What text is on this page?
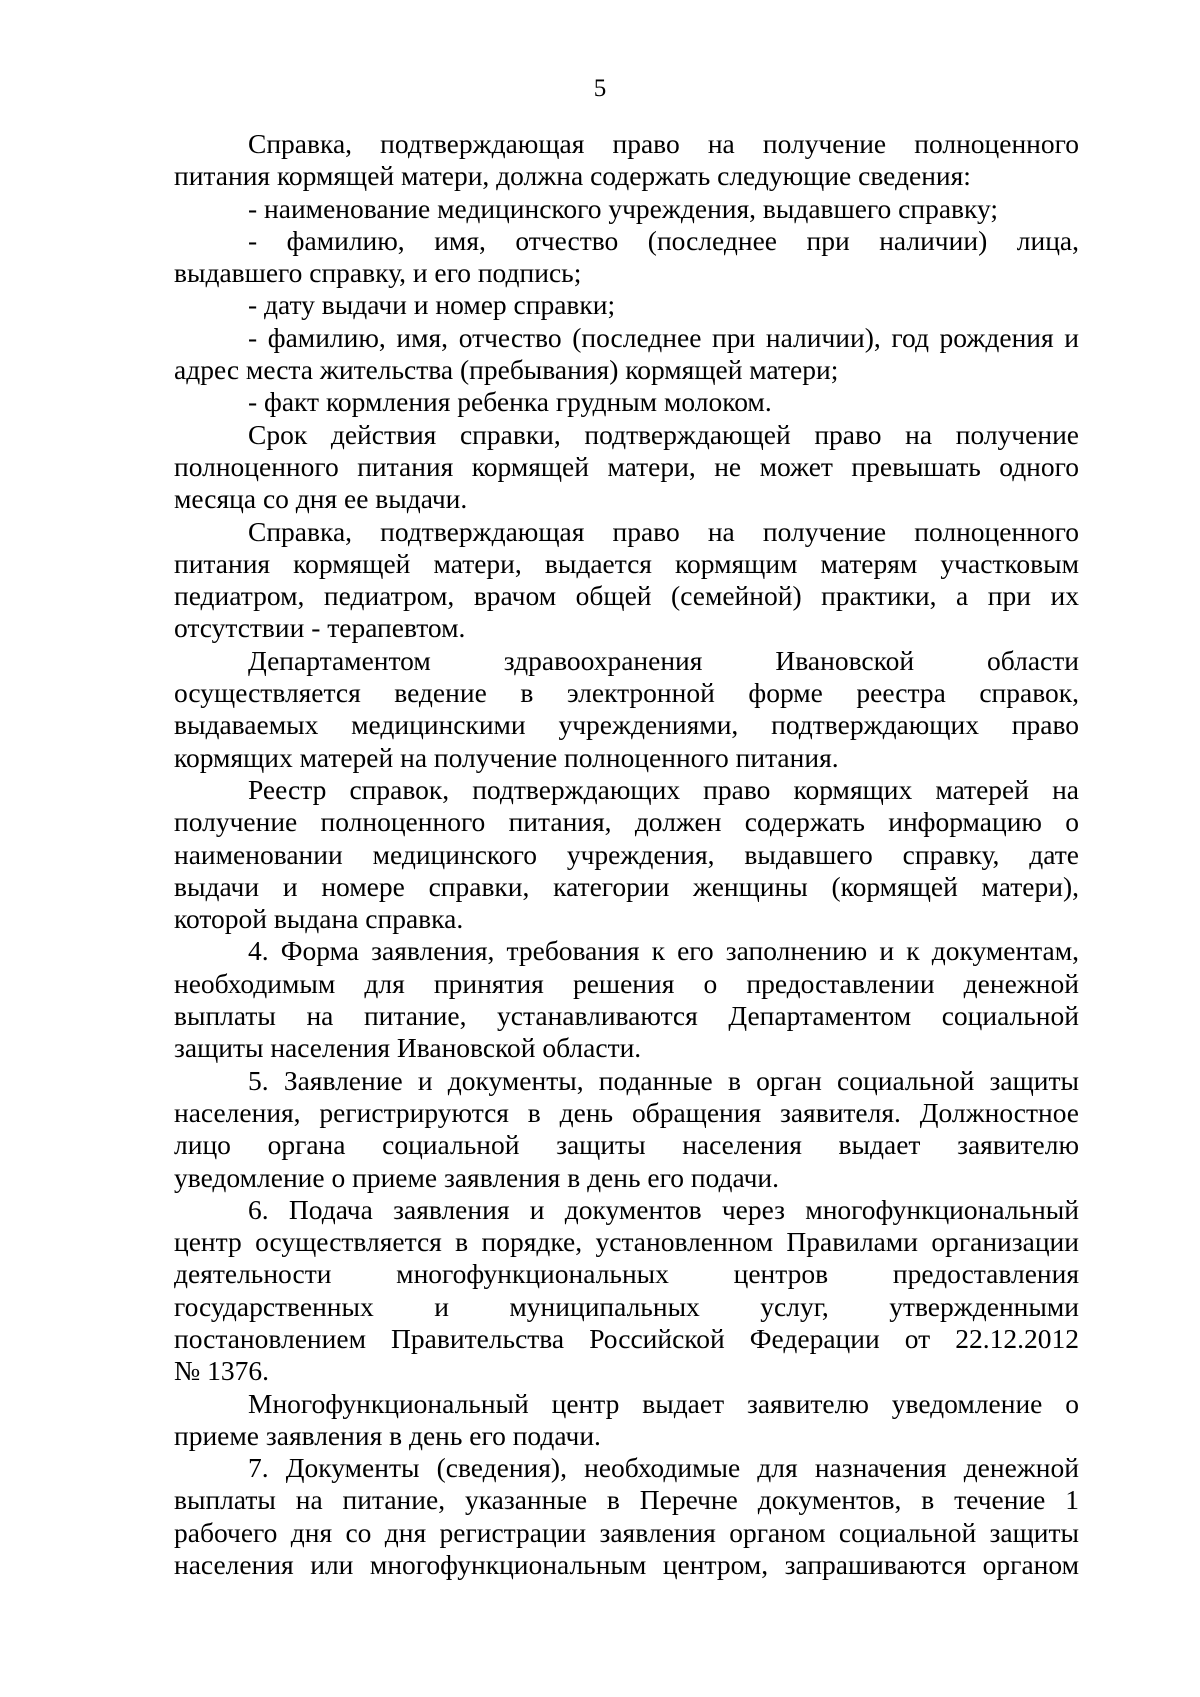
5
Справка, подтверждающая право на получение полноценного
питания кормящей матери, должна содержать следующие сведения:
- наименование медицинского учреждения, выдавшего справку;
- фамилию, имя, отчество (последнее при наличии) лица,
выдавшего справку, и его подпись;
- дату выдачи и номер справки;
- фамилию, имя, отчество (последнее при наличии), год рождения и
адрес места жительства (пребывания) кормящей матери;
- факт кормления ребенка грудным молоком.
Срок действия справки, подтверждающей право на получение
полноценного питания кормящей матери, не может превышать одного
месяца со дня ее выдачи.
Справка, подтверждающая право на получение полноценного
питания кормящей матери, выдается кормящим матерям участковым
педиатром, педиатром, врачом общей (семейной) практики, а при их
отсутствии - терапевтом.
Департаментом здравоохранения Ивановской области
осуществляется ведение в электронной форме реестра справок,
выдаваемых медицинскими учреждениями, подтверждающих право
кормящих матерей на получение полноценного питания.
Реестр справок, подтверждающих право кормящих матерей на
получение полноценного питания, должен содержать информацию о
наименовании медицинского учреждения, выдавшего справку, дате
выдачи и номере справки, категории женщины (кормящей матери),
которой выдана справка.
4. Форма заявления, требования к его заполнению и к документам,
необходимым для принятия решения о предоставлении денежной
выплаты на питание, устанавливаются Департаментом социальной
защиты населения Ивановской области.
5. Заявление и документы, поданные в орган социальной защиты
населения, регистрируются в день обращения заявителя. Должностное
лицо органа социальной защиты населения выдает заявителю
уведомление о приеме заявления в день его подачи.
6. Подача заявления и документов через многофункциональный
центр осуществляется в порядке, установленном Правилами организации
деятельности многофункциональных центров предоставления
государственных и муниципальных услуг, утвержденными
постановлением Правительства Российской Федерации от 22.12.2012
№ 1376.
Многофункциональный центр выдает заявителю уведомление о
приеме заявления в день его подачи.
7. Документы (сведения), необходимые для назначения денежной
выплаты на питание, указанные в Перечне документов, в течение 1
рабочего дня со дня регистрации заявления органом социальной защиты
населения или многофункциональным центром, запрашиваются органом
